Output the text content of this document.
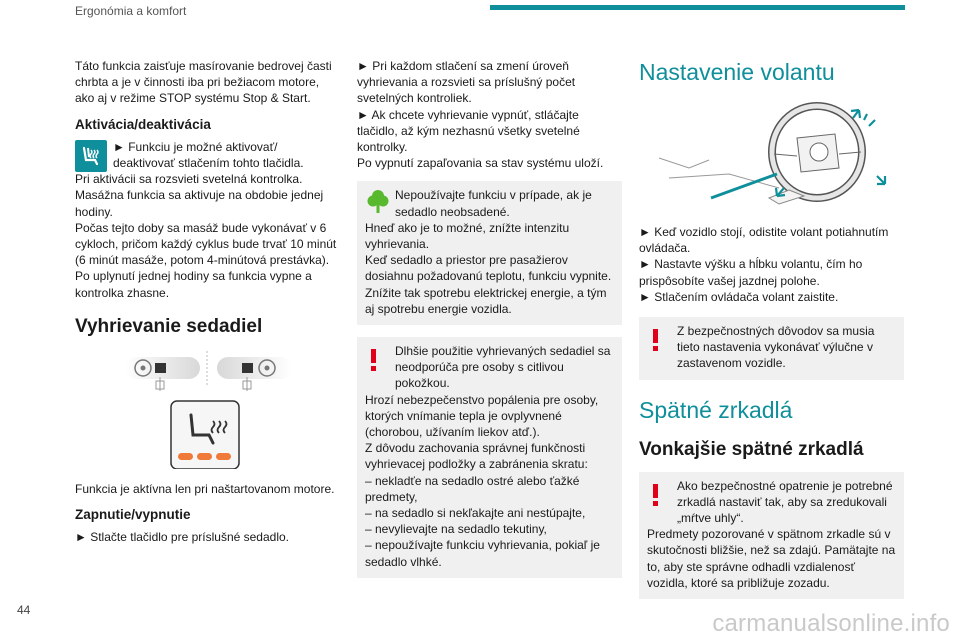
Ergonómia a komfort

Táto funkcia zaisťuje masírovanie bedrovej časti chrbta a je v činnosti iba pri bežiacom motore, ako aj v režime STOP systému Stop & Start.

Aktivácia/deaktivácia

► Funkciu je možné aktivovať/ deaktivovať stlačením tohto tlačidla.

Pri aktivácii sa rozsvieti svetelná kontrolka.

Masážna funkcia sa aktivuje na obdobie jednej hodiny.

Počas tejto doby sa masáž bude vykonávať v 6 cykloch, pričom každý cyklus bude trvať 10 minút (6 minút masáže, potom 4-minútová prestávka).

Po uplynutí jednej hodiny sa funkcia vypne a kontrolka zhasne.

Vyhrievanie sedadiel

Funkcia je aktívna len pri naštartovanom motore.

Zapnutie/vypnutie

► Stlačte tlačidlo pre príslušné sedadlo.

► Pri každom stlačení sa zmení úroveň vyhrievania a rozsvieti sa príslušný počet svetelných kontroliek.

► Ak chcete vyhrievanie vypnúť, stláčajte tlačidlo, až kým nezhasnú všetky svetelné kontrolky.

Po vypnutí zapaľovania sa stav systému uloží.

Nepoužívajte funkciu v prípade, ak je sedadlo neobsadené.

Hneď ako je to možné, znížte intenzitu vyhrievania.

Keď sedadlo a priestor pre pasažierov dosiahnu požadovanú teplotu, funkciu vypnite. Znížite tak spotrebu elektrickej energie, a tým aj spotrebu energie vozidla.

Dlhšie použitie vyhrievaných sedadiel sa neodporúča pre osoby s citlivou pokožkou.

Hrozí nebezpečenstvo popálenia pre osoby, ktorých vnímanie tepla je ovplyvnené (chorobou, užívaním liekov atď.).

Z dôvodu zachovania správnej funkčnosti vyhrievacej podložky a zabránenia skratu:

– nekladťe na sedadlo ostré alebo ťažké predmety,

– na sedadlo si nekľakajte ani nestúpajte,

– nevylievajte na sedadlo tekutiny,

– nepoužívajte funkciu vyhrievania, pokiaľ je sedadlo vlhké.

Nastavenie volantu

► Keď vozidlo stojí, odistite volant potiahnutím ovládača.

► Nastavte výšku a hĺbku volantu, čím ho prispôsobíte vašej jazdnej polohe.

► Stlačením ovládača volant zaistite.

Z bezpečnostných dôvodov sa musia tieto nastavenia vykonávať výlučne v zastavenom vozidle.

Spätné zrkadlá

Vonkajšie spätné zrkadlá

Ako bezpečnostné opatrenie je potrebné zrkadlá nastaviť tak, aby sa zredukovali „mŕtve uhly“.

Predmety pozorované v spätnom zrkadle sú v skutočnosti bližšie, než sa zdajú. Pamätajte na to, aby ste správne odhadli vzdialenosť vozidla, ktoré sa približuje zozadu.

44	carmanualsonline.info
